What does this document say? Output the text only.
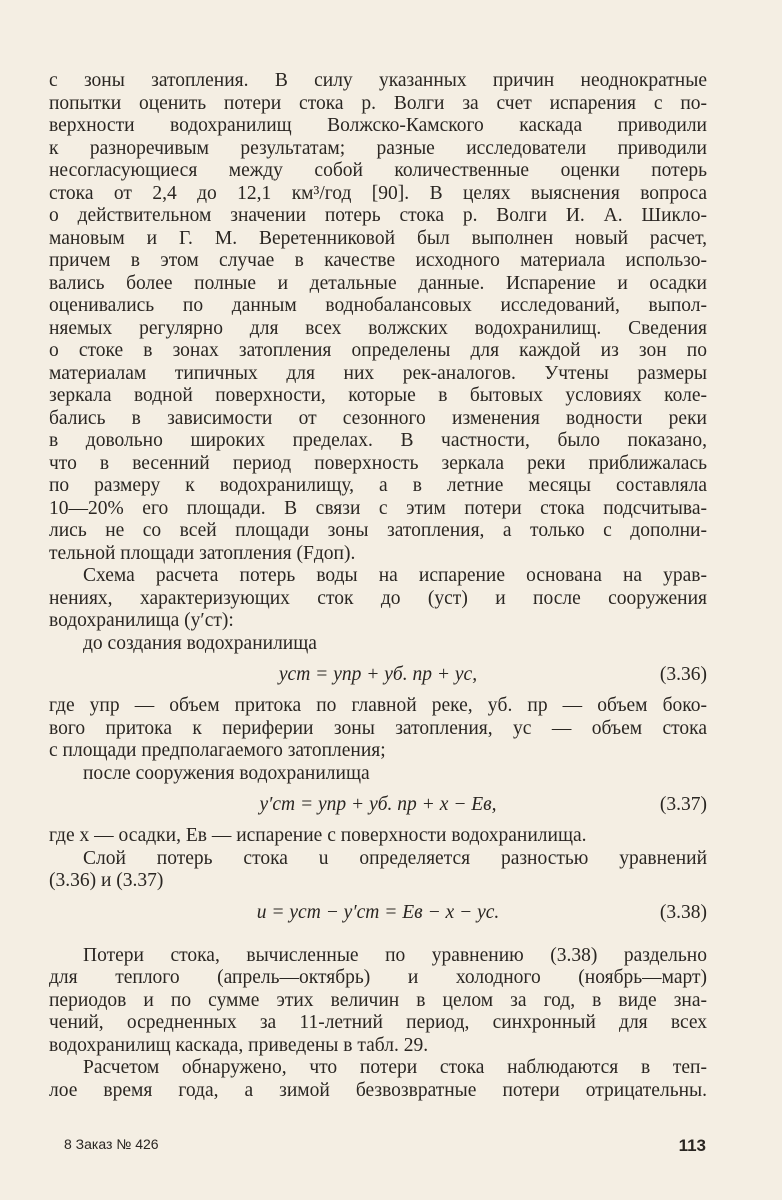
с зоны затопления. В силу указанных причин неоднократные
попытки оценить потери стока р. Волги за счет испарения с по-
верхности водохранилищ Волжско-Камского каскада приводили
к разноречивым результатам; разные исследователи приводили
несогласующиеся между собой количественные оценки потерь
стока от 2,4 до 12,1 км³/год [90]. В целях выяснения вопроса
о действительном значении потерь стока р. Волги И. А. Шикло-
мановым и Г. М. Веретенниковой был выполнен новый расчет,
причем в этом случае в качестве исходного материала использо-
вались более полные и детальные данные. Испарение и осадки
оценивались по данным воднобалансовых исследований, выпол-
няемых регулярно для всех волжских водохранилищ. Сведения
о стоке в зонах затопления определены для каждой из зон по
материалам типичных для них рек-аналогов. Учтены размеры
зеркала водной поверхности, которые в бытовых условиях коле-
бались в зависимости от сезонного изменения водности реки
в довольно широких пределах. В частности, было показано,
что в весенний период поверхность зеркала реки приближалась
по размеру к водохранилищу, а в летние месяцы составляла
10—20% его площади. В связи с этим потери стока подсчитыва-
лись не со всей площади зоны затопления, а только с дополни-
тельной площади затопления (Fдоп).
Схема расчета потерь воды на испарение основана на урав-
нениях, характеризующих сток до (yст) и после сооружения
водохранилища (y′ст):
до создания водохранилища
yст = yпр + yб. пр + yс,	(3.36)
где yпр — объем притока по главной реке, yб. пр — объем боко-
вого притока к периферии зоны затопления, yс — объем стока
с площади предполагаемого затопления;
после сооружения водохранилища
y′ст = yпр + yб. пр + x − Eв,	(3.37)
где x — осадки, Eв — испарение с поверхности водохранилища.
Слой потерь стока u определяется разностью уравнений
(3.36) и (3.37)
u = yст − y′ст = Eв − x − yс.	(3.38)
Потери стока, вычисленные по уравнению (3.38) раздельно
для теплого (апрель—октябрь) и холодного (ноябрь—март)
периодов и по сумме этих величин в целом за год, в виде зна-
чений, осредненных за 11-летний период, синхронный для всех
водохранилищ каскада, приведены в табл. 29.
Расчетом обнаружено, что потери стока наблюдаются в теп-
лое время года, а зимой безвозвратные потери отрицательны.
8 Заказ № 426	113
